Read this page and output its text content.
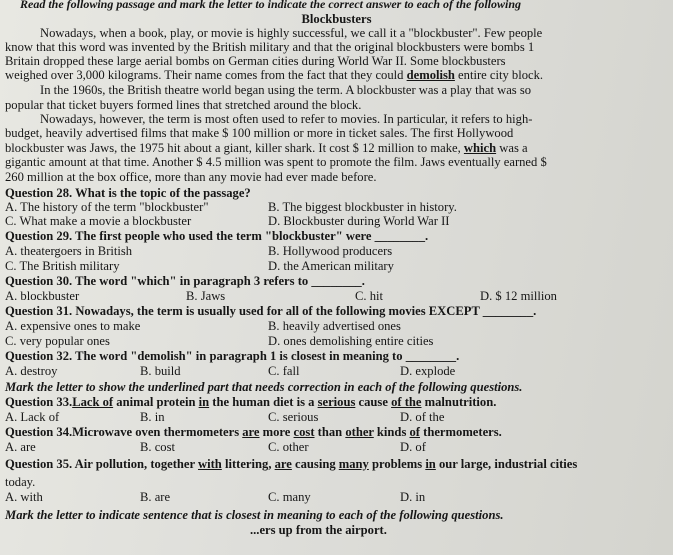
Read the following passage and mark the letter to indicate the correct answer to each of the following
Blockbusters
Nowadays, when a book, play, or movie is highly successful, we call it a "blockbuster". Few people
know that this word was invented by the British military and that the original blockbusters were bombs 1
Britain dropped these large aerial bombs on German cities during World War II. Some blockbusters
weighed over 3,000 kilograms. Their name comes from the fact that they could demolish entire city block.
In the 1960s, the British theatre world began using the term. A blockbuster was a play that was so
popular that ticket buyers formed lines that stretched around the block.
Nowadays, however, the term is most often used to refer to movies. In particular, it refers to high-
budget, heavily advertised films that make $ 100 million or more in ticket sales. The first Hollywood
blockbuster was Jaws, the 1975 hit about a giant, killer shark. It cost $ 12 million to make, which was a
gigantic amount at that time. Another $ 4.5 million was spent to promote the film. Jaws eventually earned $
260 million at the box office, more than any movie had ever made before.
Question 28. What is the topic of the passage?
A. The history of the term "blockbuster"	B. The biggest blockbuster in history.
C. What make a movie a blockbuster	D. Blockbuster during World War II
Question 29. The first people who used the term "blockbuster" were ________.
A. theatergoers in British	B. Hollywood producers
C. The British military	D. the American military
Question 30. The word "which" in paragraph 3 refers to ________.
A. blockbuster	B. Jaws	C. hit	D. $ 12 million
Question 31. Nowadays, the term is usually used for all of the following movies EXCEPT ________.
A. expensive ones to make	B. heavily advertised ones
C. very popular ones	D. ones demolishing entire cities
Question 32. The word "demolish" in paragraph 1 is closest in meaning to ________.
A. destroy	B. build	C. fall	D. explode
Mark the letter to show the underlined part that needs correction in each of the following questions.
Question 33.Lack of animal protein in the human diet is a serious cause of the malnutrition.
A. Lack of	B. in	C. serious	D. of the
Question 34.Microwave oven thermometers are more cost than other kinds of thermometers.
A. are	B. cost	C. other	D. of
Question 35. Air pollution, together with littering, are causing many problems in our large, industrial cities
today.
A. with	B. are	C. many	D. in
Mark the letter to indicate sentence that is closest in meaning to each of the following questions.
...ers up from the airport.
